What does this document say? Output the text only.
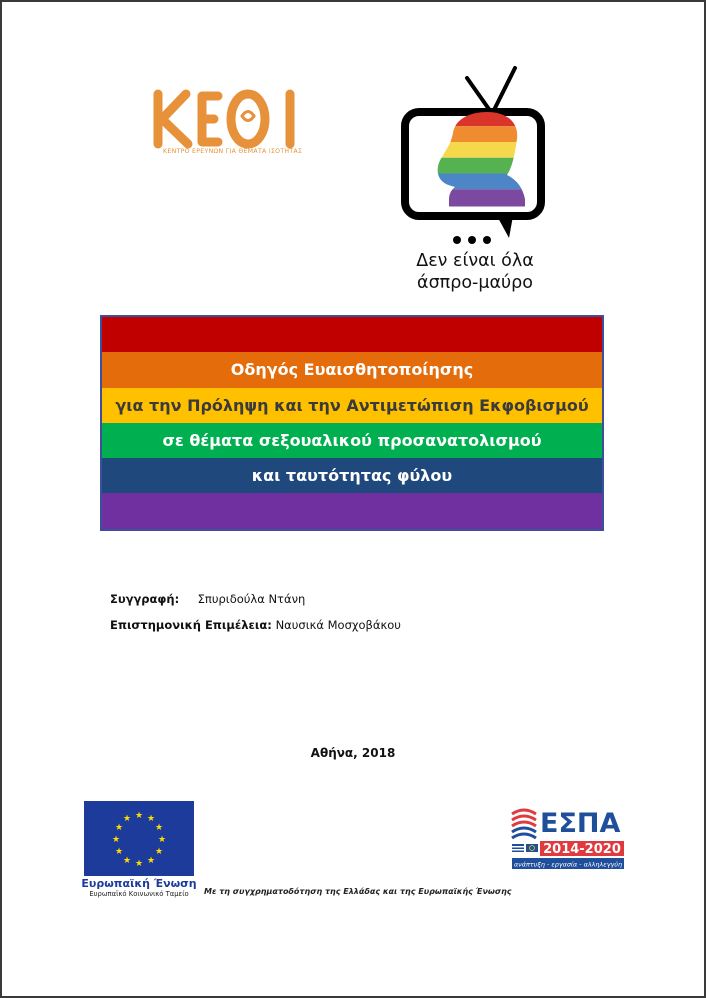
ΚΕΝΤΡΟ ΕΡΕΥΝΩΝ ΓΙΑ ΘΕΜΑΤΑ ΙΣΟΤΗΤΑΣ
Δεν είναι όλα
άσπρο-μαύρο
Οδηγός Ευαισθητοποίησης
για την Πρόληψη και την Αντιμετώπιση Εκφοβισμού
σε θέματα σεξουαλικού προσανατολισμού
και ταυτότητας φύλου
Συγγραφή: Σπυριδούλα Ντάνη
Επιστημονική Επιμέλεια: Ναυσικά Μοσχοβάκου
Αθήνα, 2018
★ ★
★
★
★
★
★
★
★
★
★
★
Ευρωπαϊκή Ένωση
Ευρωπαϊκό Κοινωνικό Ταμείο	Με τη συγχρηματοδότηση της Ελλάδας και της Ευρωπαϊκής Ένωσης
ΕΣΠΑ
2014-2020
ανάπτυξη - εργασία - αλληλεγγύη
